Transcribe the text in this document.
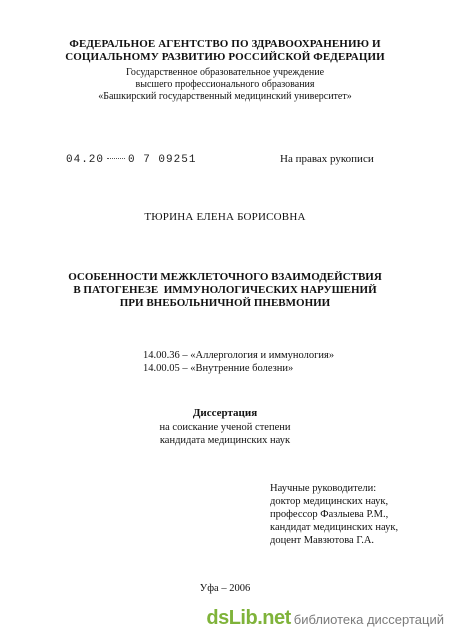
ФЕДЕРАЛЬНОЕ АГЕНТСТВО ПО ЗДРАВООХРАНЕНИЮ И
СОЦИАЛЬНОМУ РАЗВИТИЮ РОССИЙСКОЙ ФЕДЕРАЦИИ
Государственное образовательное учреждение
высшего профессионального образования
«Башкирский государственный медицинский университет»
04.20 0 7 09251	На правах рукописи
ТЮРИНА ЕЛЕНА БОРИСОВНА
ОСОБЕННОСТИ МЕЖКЛЕТОЧНОГО ВЗАИМОДЕЙСТВИЯ
В ПАТОГЕНЕЗЕ  ИММУНОЛОГИЧЕСКИХ НАРУШЕНИЙ
ПРИ ВНЕБОЛЬНИЧНОЙ ПНЕВМОНИИ
14.00.36 – «Аллергология и иммунология»
14.00.05 – «Внутренние болезни»
Диссертация
на соискание ученой степени
кандидата медицинских наук
Научные руководители:
доктор медицинских наук,
профессор Фазлыева Р.М.,
кандидат медицинских наук,
доцент Мавзютова Г.А.
Уфа – 2006
dsLib.net библиотека диссертаций
